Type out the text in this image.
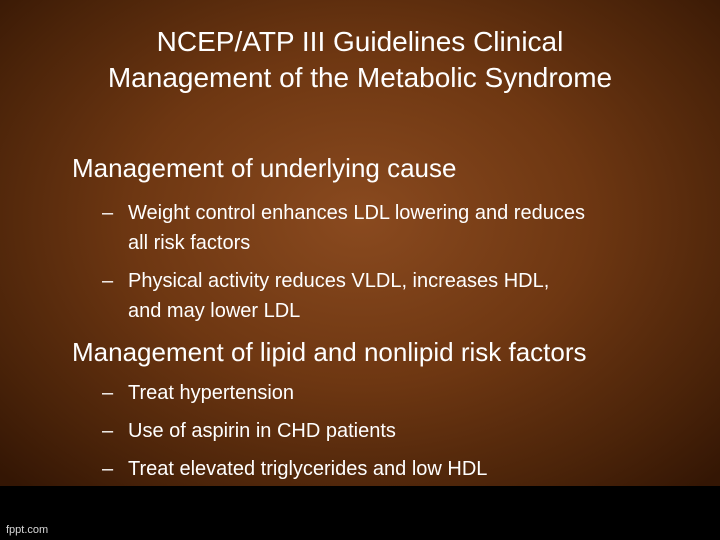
NCEP/ATP III Guidelines Clinical
Management of the Metabolic Syndrome

Management of underlying cause

– Weight control enhances LDL lowering and reduces
all risk factors
– Physical activity reduces VLDL, increases HDL,
and may lower LDL

Management of lipid and nonlipid risk factors

– Treat hypertension
– Use of aspirin in CHD patients
– Treat elevated triglycerides and low HDL
fppt.com
